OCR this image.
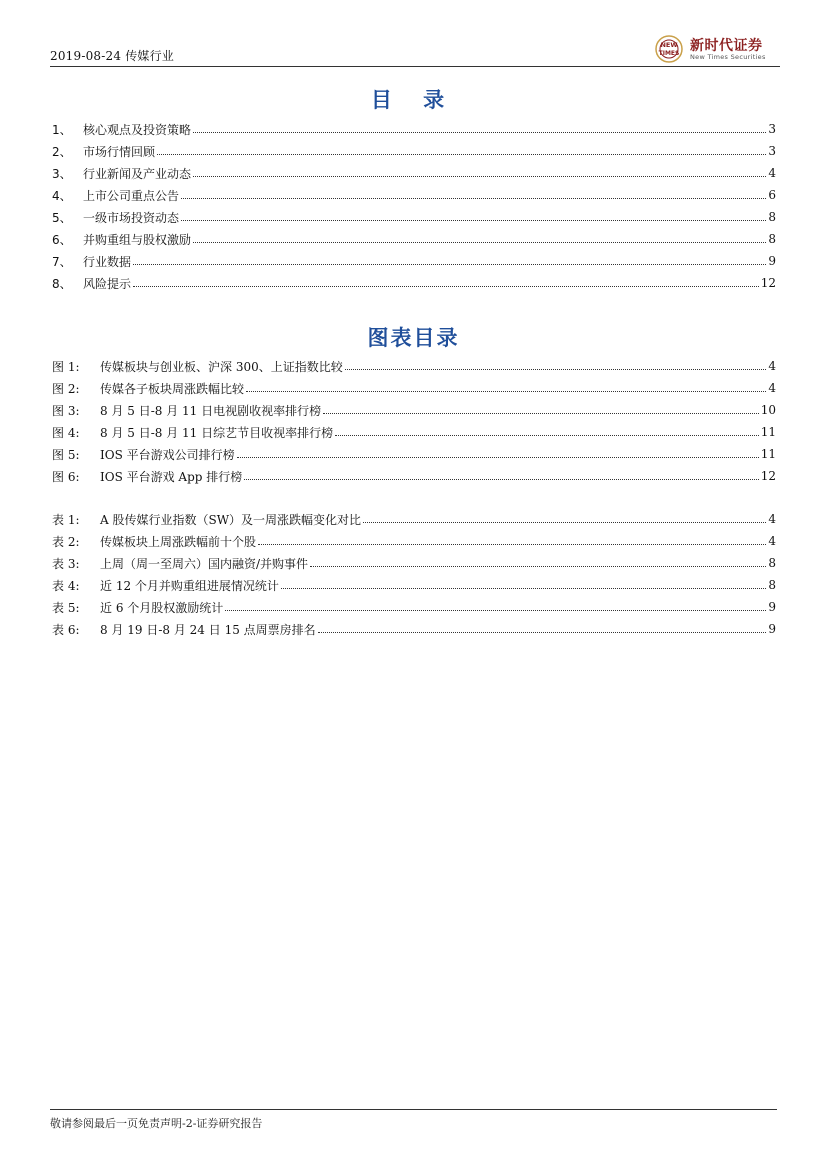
2019-08-24 传媒行业
NEW
TIMES 新时代证券
New Times Securities
目 录
1、 核心观点及投资策略	3
2、 市场行情回顾	3
3、 行业新闻及产业动态	4
4、 上市公司重点公告	6
5、 一级市场投资动态	8
6、 并购重组与股权激励	8
7、 行业数据	9
8、 风险提示	12
图表目录
图 1:	传媒板块与创业板、沪深 300、上证指数比较	4
图 2:	传媒各子板块周涨跌幅比较	4
图 3:	8 月 5 日-8 月 11 日电视剧收视率排行榜	10
图 4:	8 月 5 日-8 月 11 日综艺节目收视率排行榜	11
图 5:	IOS 平台游戏公司排行榜	11
图 6:	IOS 平台游戏 App 排行榜	12
表 1:	A 股传媒行业指数（SW）及一周涨跌幅变化对比	4
表 2:	传媒板块上周涨跌幅前十个股	4
表 3:	上周（周一至周六）国内融资/并购事件	8
表 4:	近 12 个月并购重组进展情况统计	8
表 5:	近 6 个月股权激励统计	9
表 6:	8 月 19 日-8 月 24 日 15 点周票房排名	9
敬请参阅最后一页免责声明-2-证券研究报告
